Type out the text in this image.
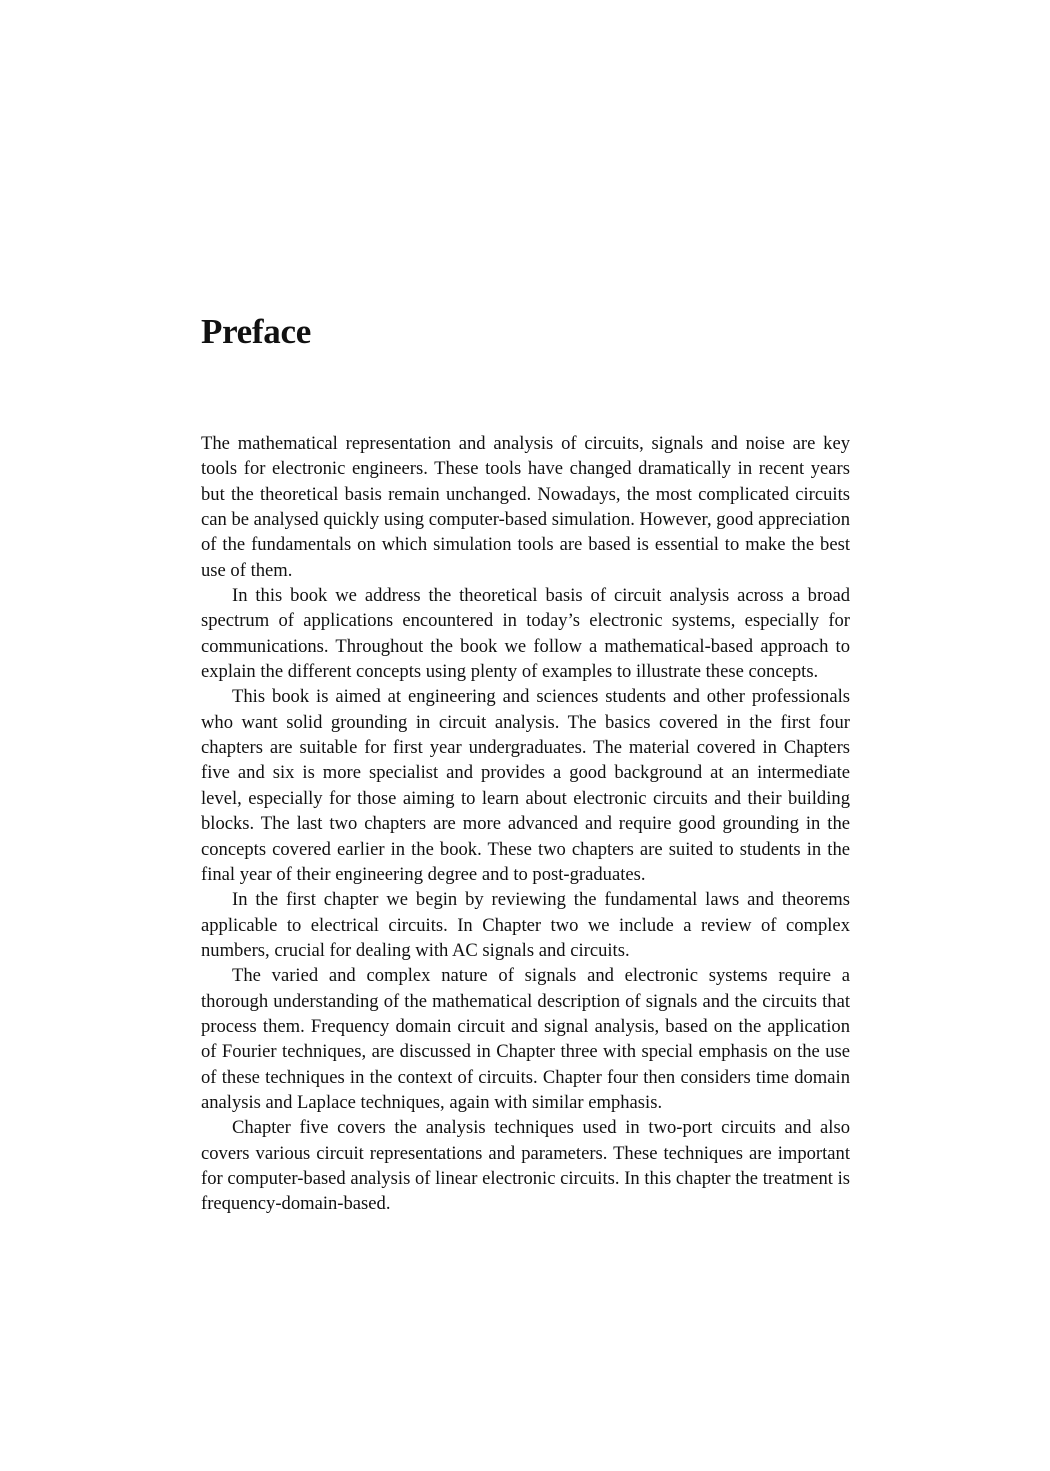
Preface

The mathematical representation and analysis of circuits, signals and noise are key tools for electronic engineers. These tools have changed dramatically in recent years but the theoretical basis remain unchanged. Nowadays, the most complicated circuits can be analysed quickly using computer-based simulation. However, good appreciation of the fundamentals on which simulation tools are based is essential to make the best use of them.

In this book we address the theoretical basis of circuit analysis across a broad spectrum of applications encountered in today’s electronic systems, especially for communications. Throughout the book we follow a mathematical-based approach to explain the different concepts using plenty of examples to illustrate these concepts.

This book is aimed at engineering and sciences students and other professionals who want solid grounding in circuit analysis. The basics covered in the first four chapters are suitable for first year undergraduates. The material covered in Chapters five and six is more specialist and provides a good background at an intermediate level, especially for those aiming to learn about electronic circuits and their building blocks. The last two chapters are more advanced and require good grounding in the concepts covered earlier in the book. These two chapters are suited to students in the final year of their engineering degree and to post-graduates.

In the first chapter we begin by reviewing the fundamental laws and theorems applicable to electrical circuits. In Chapter two we include a review of complex numbers, crucial for dealing with AC signals and circuits.

The varied and complex nature of signals and electronic systems require a thorough understanding of the mathematical description of signals and the circuits that process them. Frequency domain circuit and signal analysis, based on the application of Fourier techniques, are discussed in Chapter three with special emphasis on the use of these techniques in the context of circuits. Chapter four then considers time domain analysis and Laplace techniques, again with similar emphasis.

Chapter five covers the analysis techniques used in two-port circuits and also covers various circuit representations and parameters. These techniques are important for computer-based analysis of linear electronic circuits. In this chapter the treatment is frequency-domain-based.
